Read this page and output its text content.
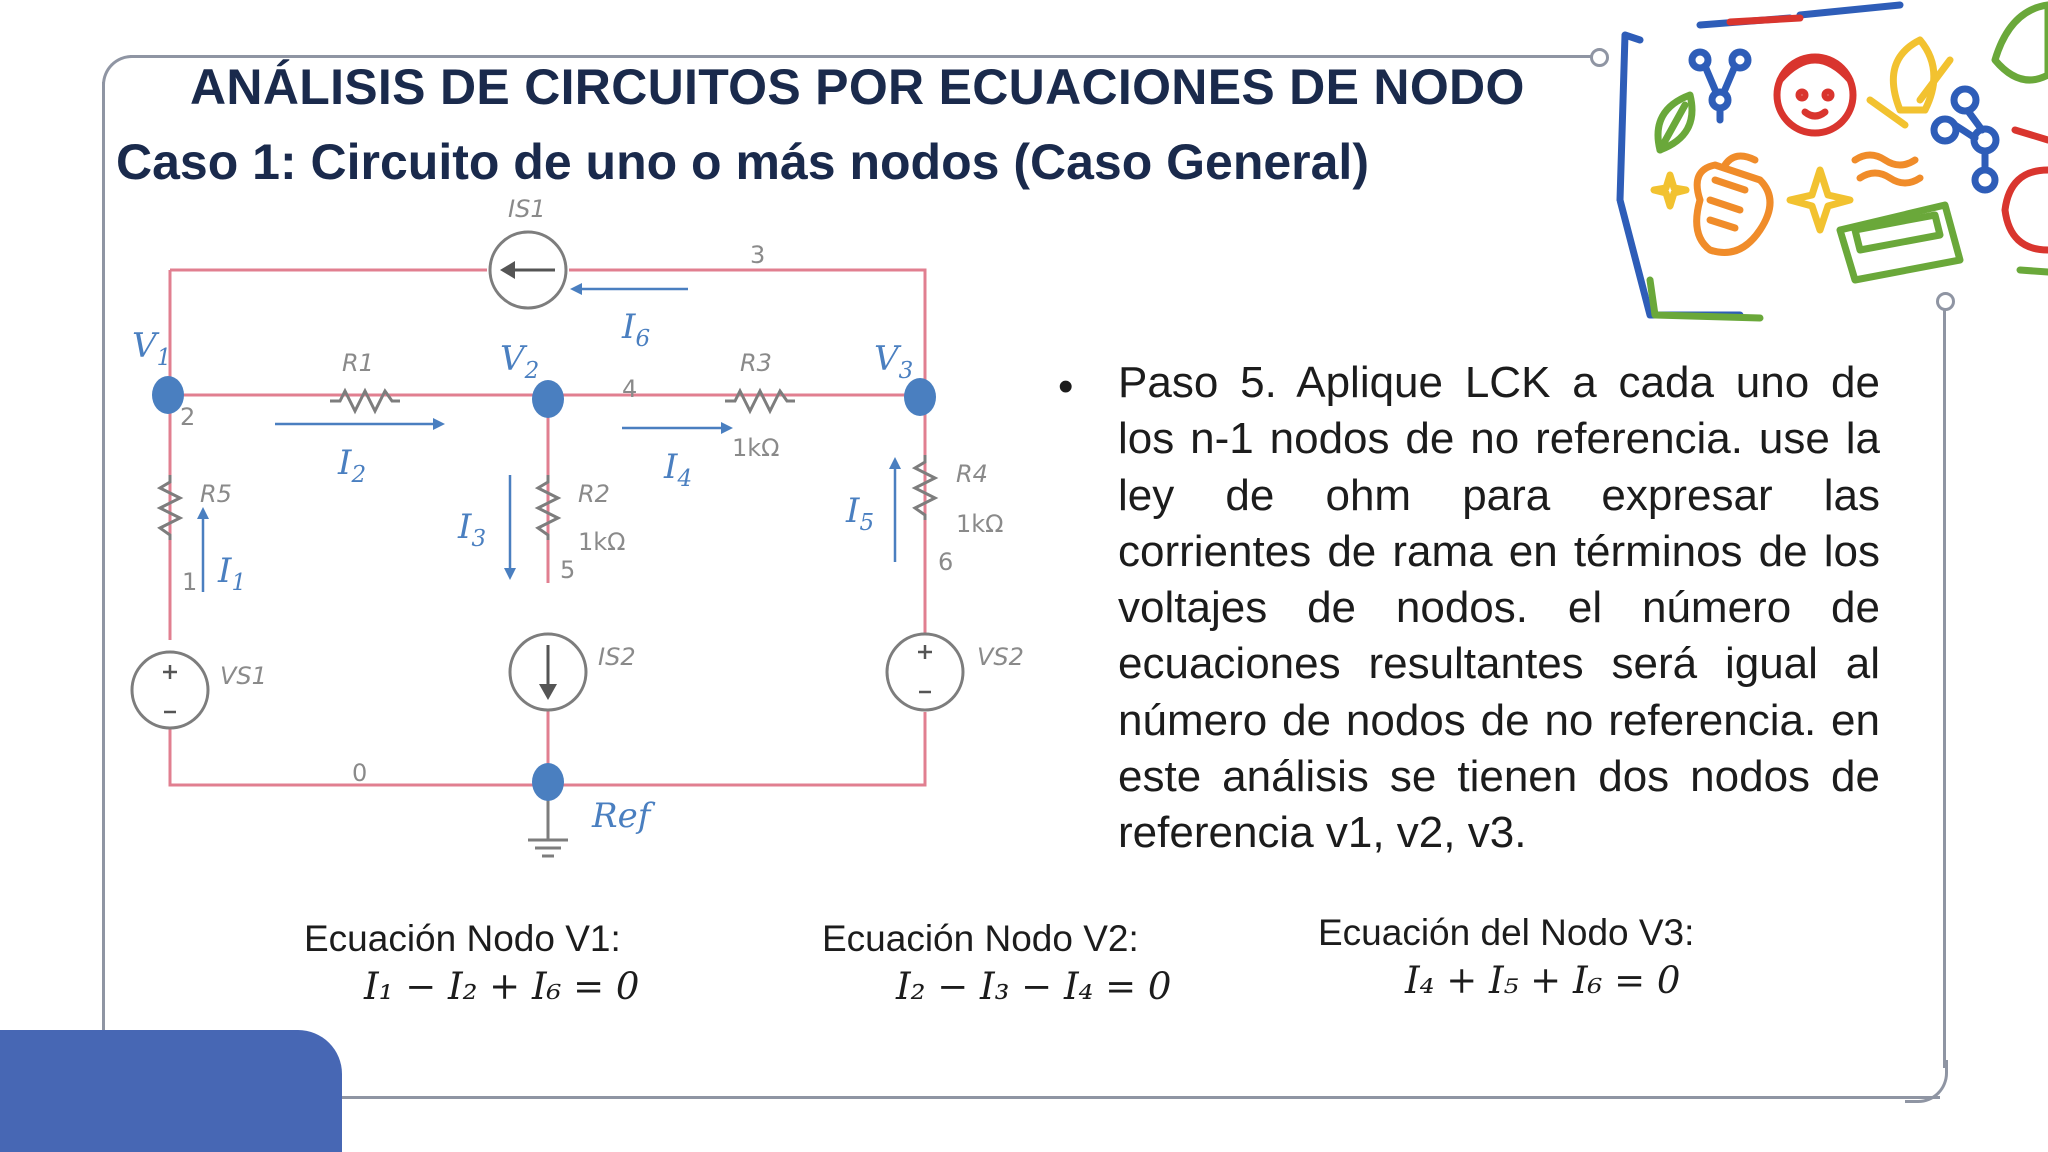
ANÁLISIS DE CIRCUITOS POR ECUACIONES DE NODO
Caso 1: Circuito de uno o más nodos (Caso General)
IS1
R1	R3
1kΩ
R5	R2
1kΩ
R4
1kΩ
IS2
VS1
VS2
0
1
2
3
4
5	6
$V_1$	$V_2$	$V_3$
Ref
$I_1$
$I_2$
$I_3$
$I_4$
$I_5$
$I_6$
• Paso 5. Aplique LCK a cada uno de los n-1 nodos de no referencia. use la ley de ohm para expresar las corrientes de rama en términos de los voltajes de nodos. el número de ecuaciones resultantes será igual al número de nodos de no referencia. en este análisis se tienen dos nodos de referencia v1, v2, v3.
Ecuación Nodo V1:
I₁ − I₂ + I₆ = 0
Ecuación Nodo V2:
I₂ − I₃ − I₄ = 0
Ecuación del Nodo V3:
I₄ + I₅ + I₆ = 0
